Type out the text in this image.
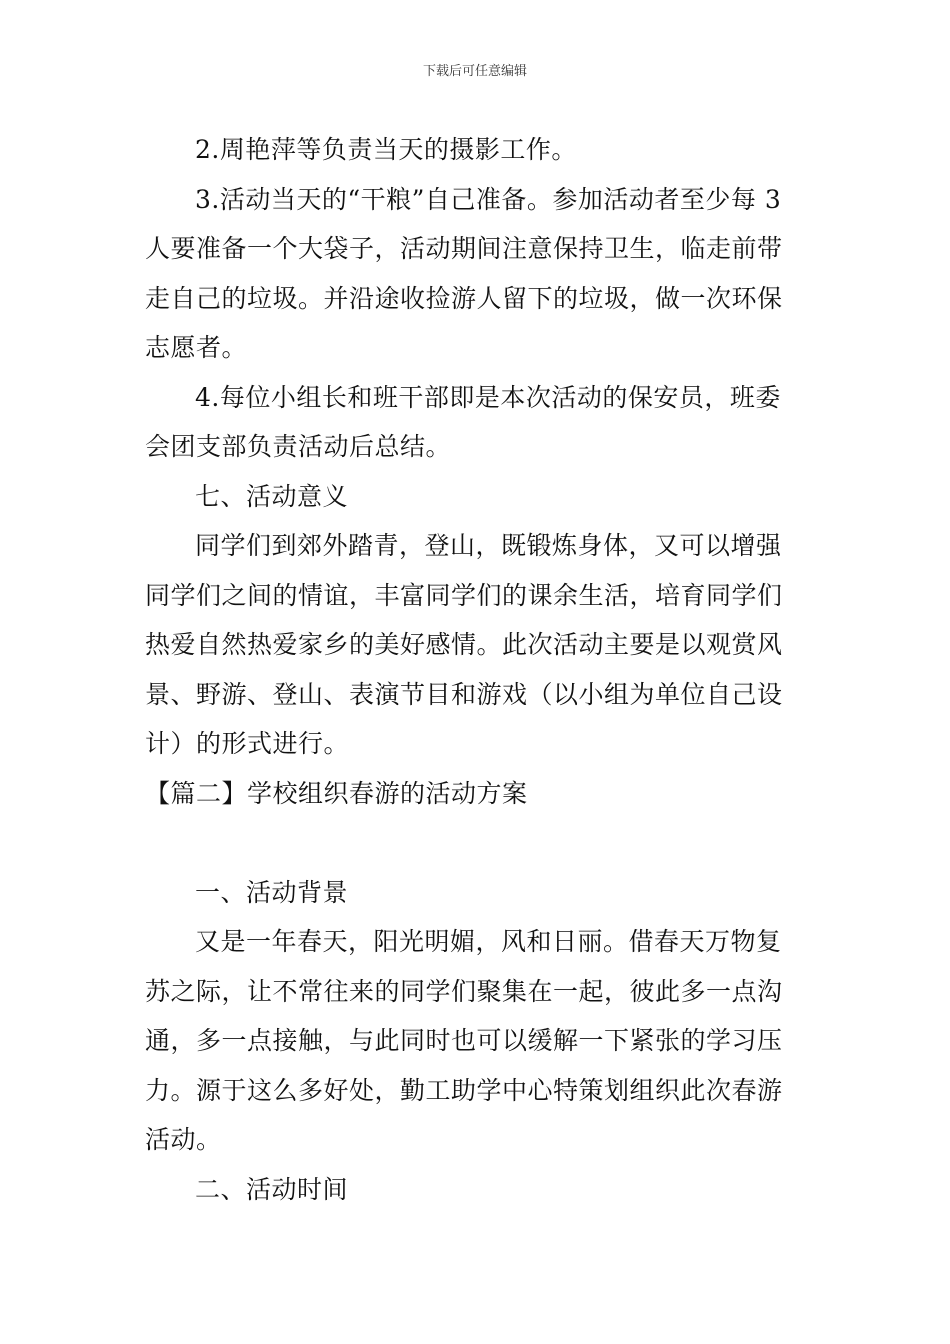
下载后可任意编辑

2.周艳萍等负责当天的摄影工作。

3.活动当天的“干粮”自己准备。参加活动者至少每 3
人要准备一个大袋子，活动期间注意保持卫生，临走前带
走自己的垃圾。并沿途收捡游人留下的垃圾，做一次环保
志愿者。

4.每位小组长和班干部即是本次活动的保安员，班委
会团支部负责活动后总结。

七、活动意义

同学们到郊外踏青，登山，既锻炼身体，又可以增强
同学们之间的情谊，丰富同学们的课余生活，培育同学们
热爱自然热爱家乡的美好感情。此次活动主要是以观赏风
景、野游、登山、表演节目和游戏（以小组为单位自己设
计）的形式进行。

【篇二】学校组织春游的活动方案

一、活动背景

又是一年春天，阳光明媚，风和日丽。借春天万物复
苏之际，让不常往来的同学们聚集在一起，彼此多一点沟
通，多一点接触，与此同时也可以缓解一下紧张的学习压
力。源于这么多好处，勤工助学中心特策划组织此次春游
活动。

二、活动时间
